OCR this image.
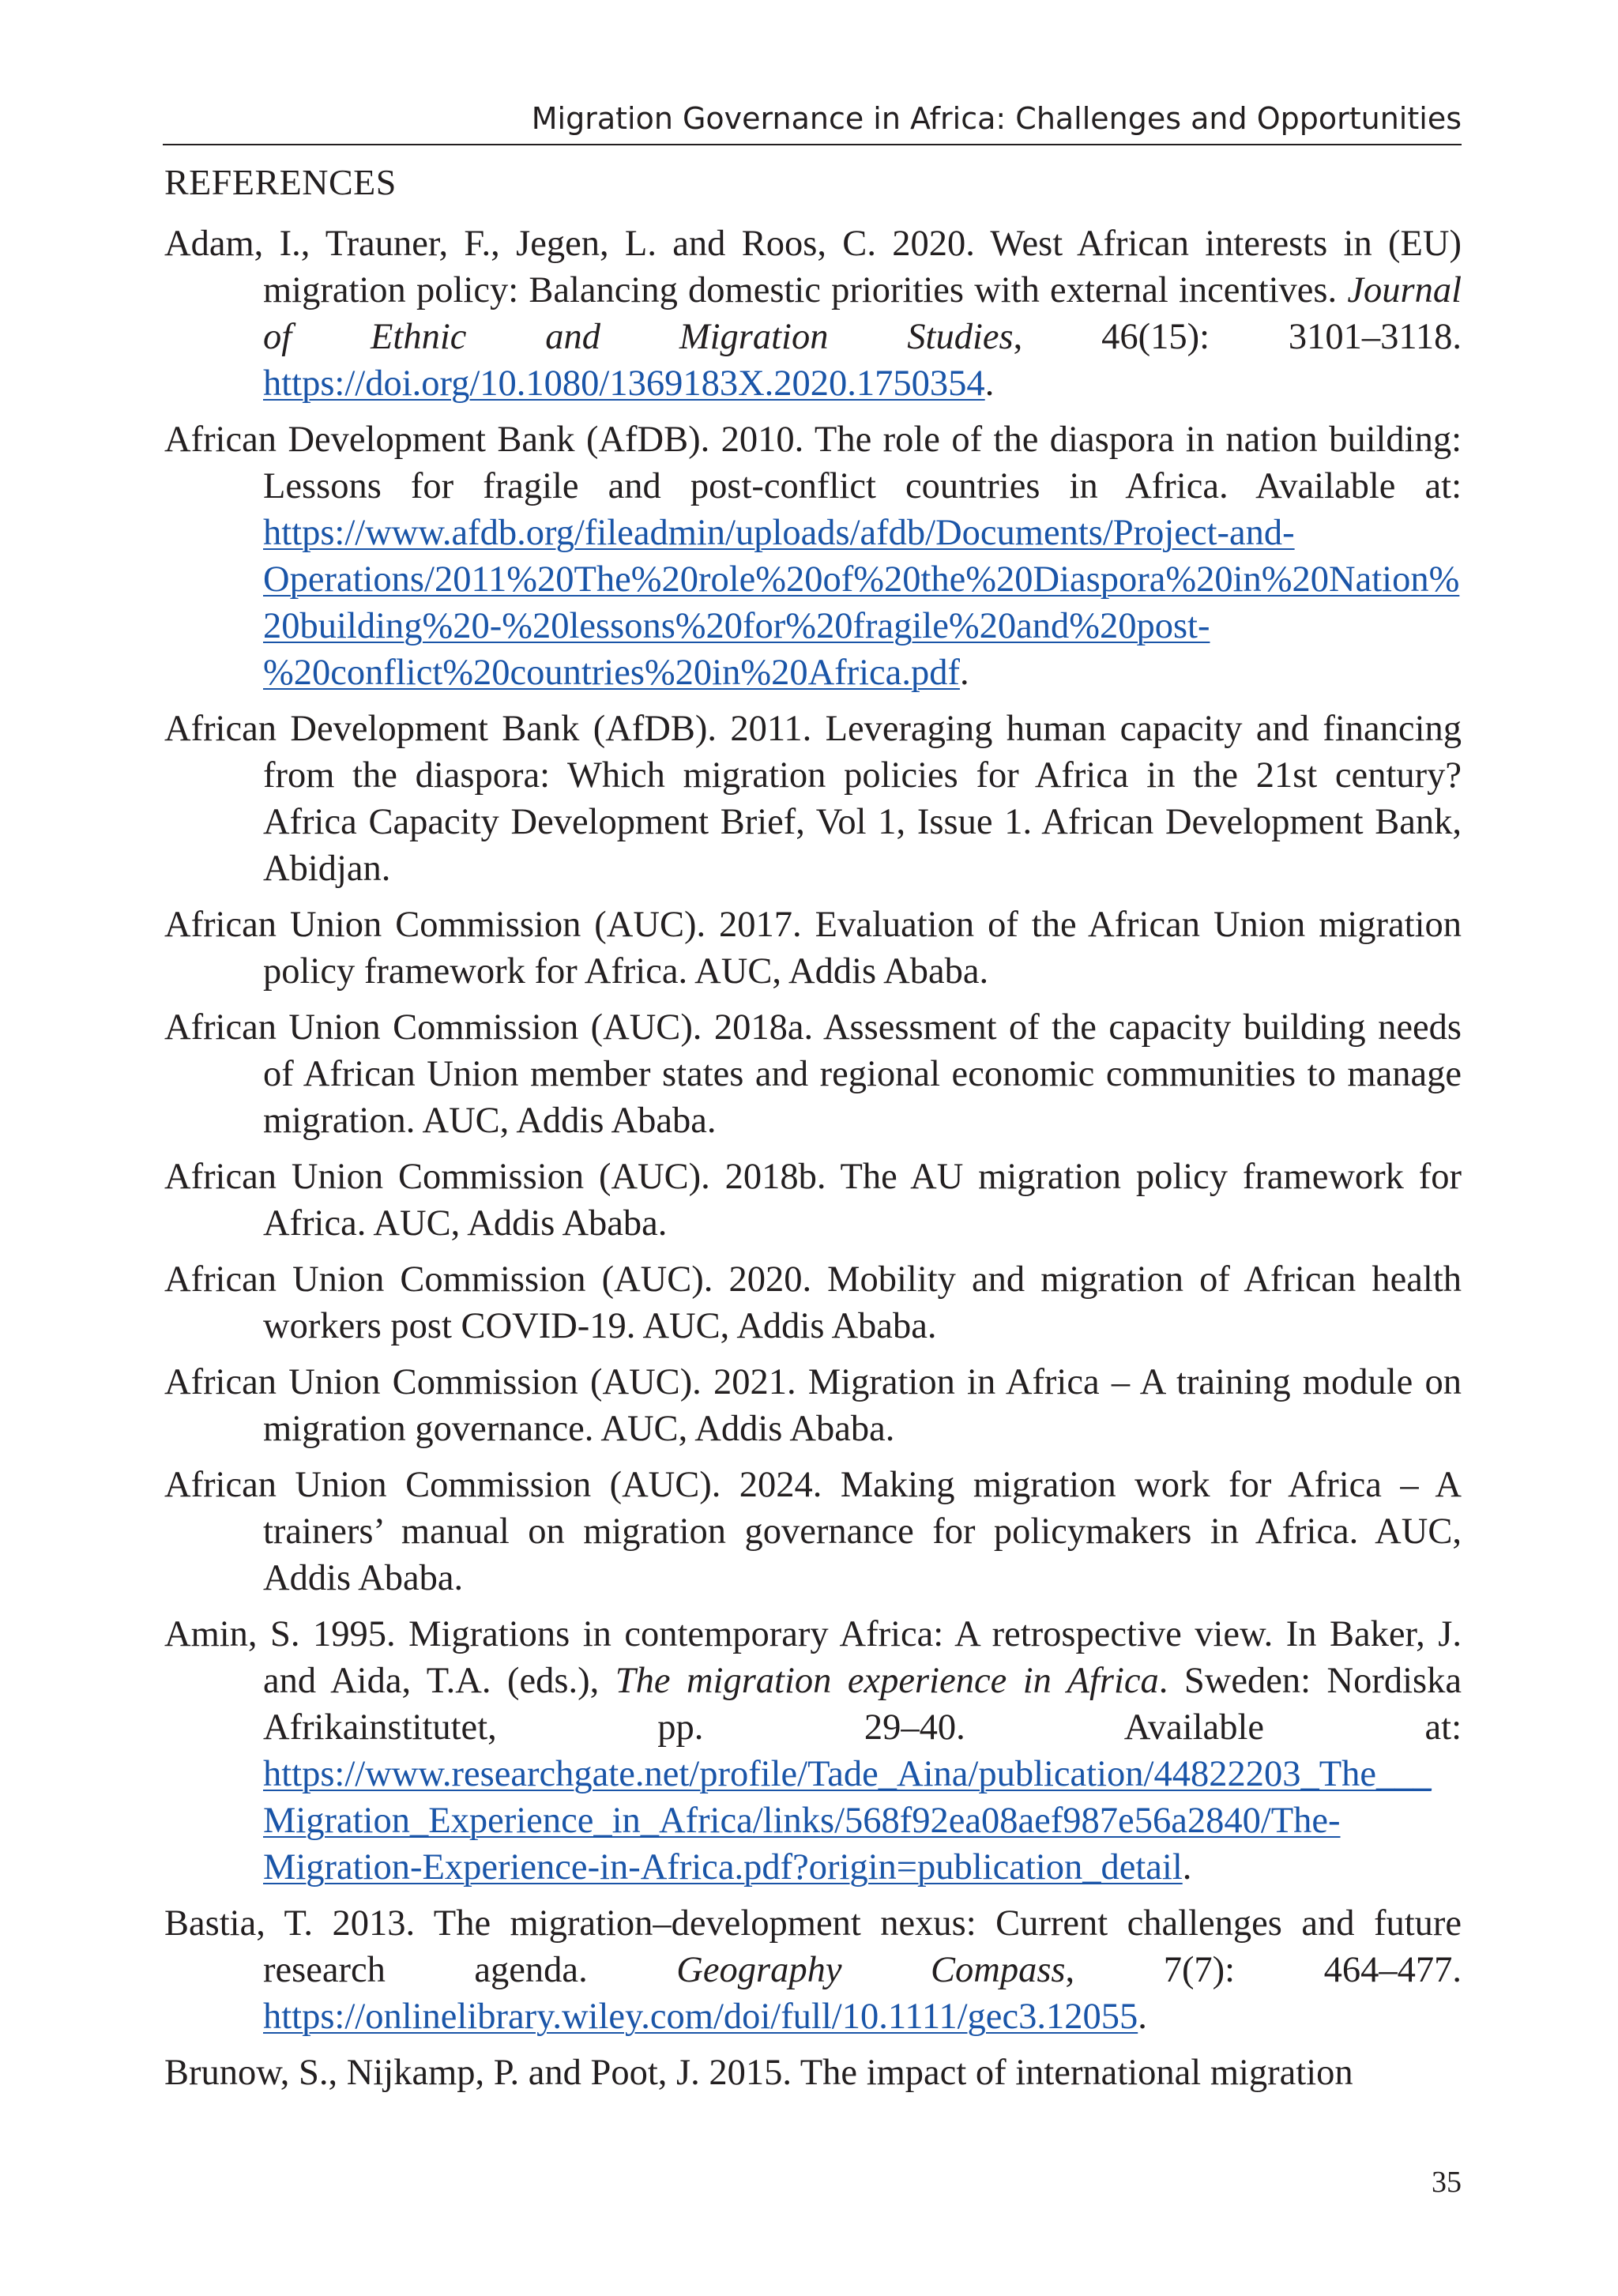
Migration Governance in Africa: Challenges and Opportunities
REFERENCES
Adam, I., Trauner, F., Jegen, L. and Roos, C. 2020. West African interests in (EU) migration policy: Balancing domestic priorities with external incentives. Journal of Ethnic and Migration Studies, 46(15): 3101–3118. https://doi.org/10.1080/1369183X.2020.1750354.
African Development Bank (AfDB). 2010. The role of the diaspora in nation building: Lessons for fragile and post-conflict countries in Africa. Available at: https://www.afdb.org/fileadmin/uploads/afdb/Documents/Project-and-Operations/2011%20The%20role%20of%20the%20Diaspora%20in%20Nation%20building%20-%20lessons%20for%20fragile%20and%20post-%20conflict%20countries%20in%20Africa.pdf.
African Development Bank (AfDB). 2011. Leveraging human capacity and financing from the diaspora: Which migration policies for Africa in the 21st century? Africa Capacity Development Brief, Vol 1, Issue 1. African Development Bank, Abidjan.
African Union Commission (AUC). 2017. Evaluation of the African Union migration policy framework for Africa. AUC, Addis Ababa.
African Union Commission (AUC). 2018a. Assessment of the capacity building needs of African Union member states and regional economic communities to manage migration. AUC, Addis Ababa.
African Union Commission (AUC). 2018b. The AU migration policy framework for Africa. AUC, Addis Ababa.
African Union Commission (AUC). 2020. Mobility and migration of African health workers post COVID-19. AUC, Addis Ababa.
African Union Commission (AUC). 2021. Migration in Africa – A training module on migration governance. AUC, Addis Ababa.
African Union Commission (AUC). 2024. Making migration work for Africa – A trainers’ manual on migration governance for policymakers in Africa. AUC, Addis Ababa.
Amin, S. 1995. Migrations in contemporary Africa: A retrospective view. In Baker, J. and Aida, T.A. (eds.), The migration experience in Africa. Sweden: Nordiska Afrikainstitutet, pp. 29–40. Available at: https://www.researchgate.net/profile/Tade_Aina/publication/44822203_The___Migration_Experience_in_Africa/links/568f92ea08aef987e56a2840/The-Migration-Experience-in-Africa.pdf?origin=publication_detail.
Bastia, T. 2013. The migration–development nexus: Current challenges and future research agenda. Geography Compass, 7(7): 464–477. https://onlinelibrary.wiley.com/doi/full/10.1111/gec3.12055.
Brunow, S., Nijkamp, P. and Poot, J. 2015. The impact of international migration
35
